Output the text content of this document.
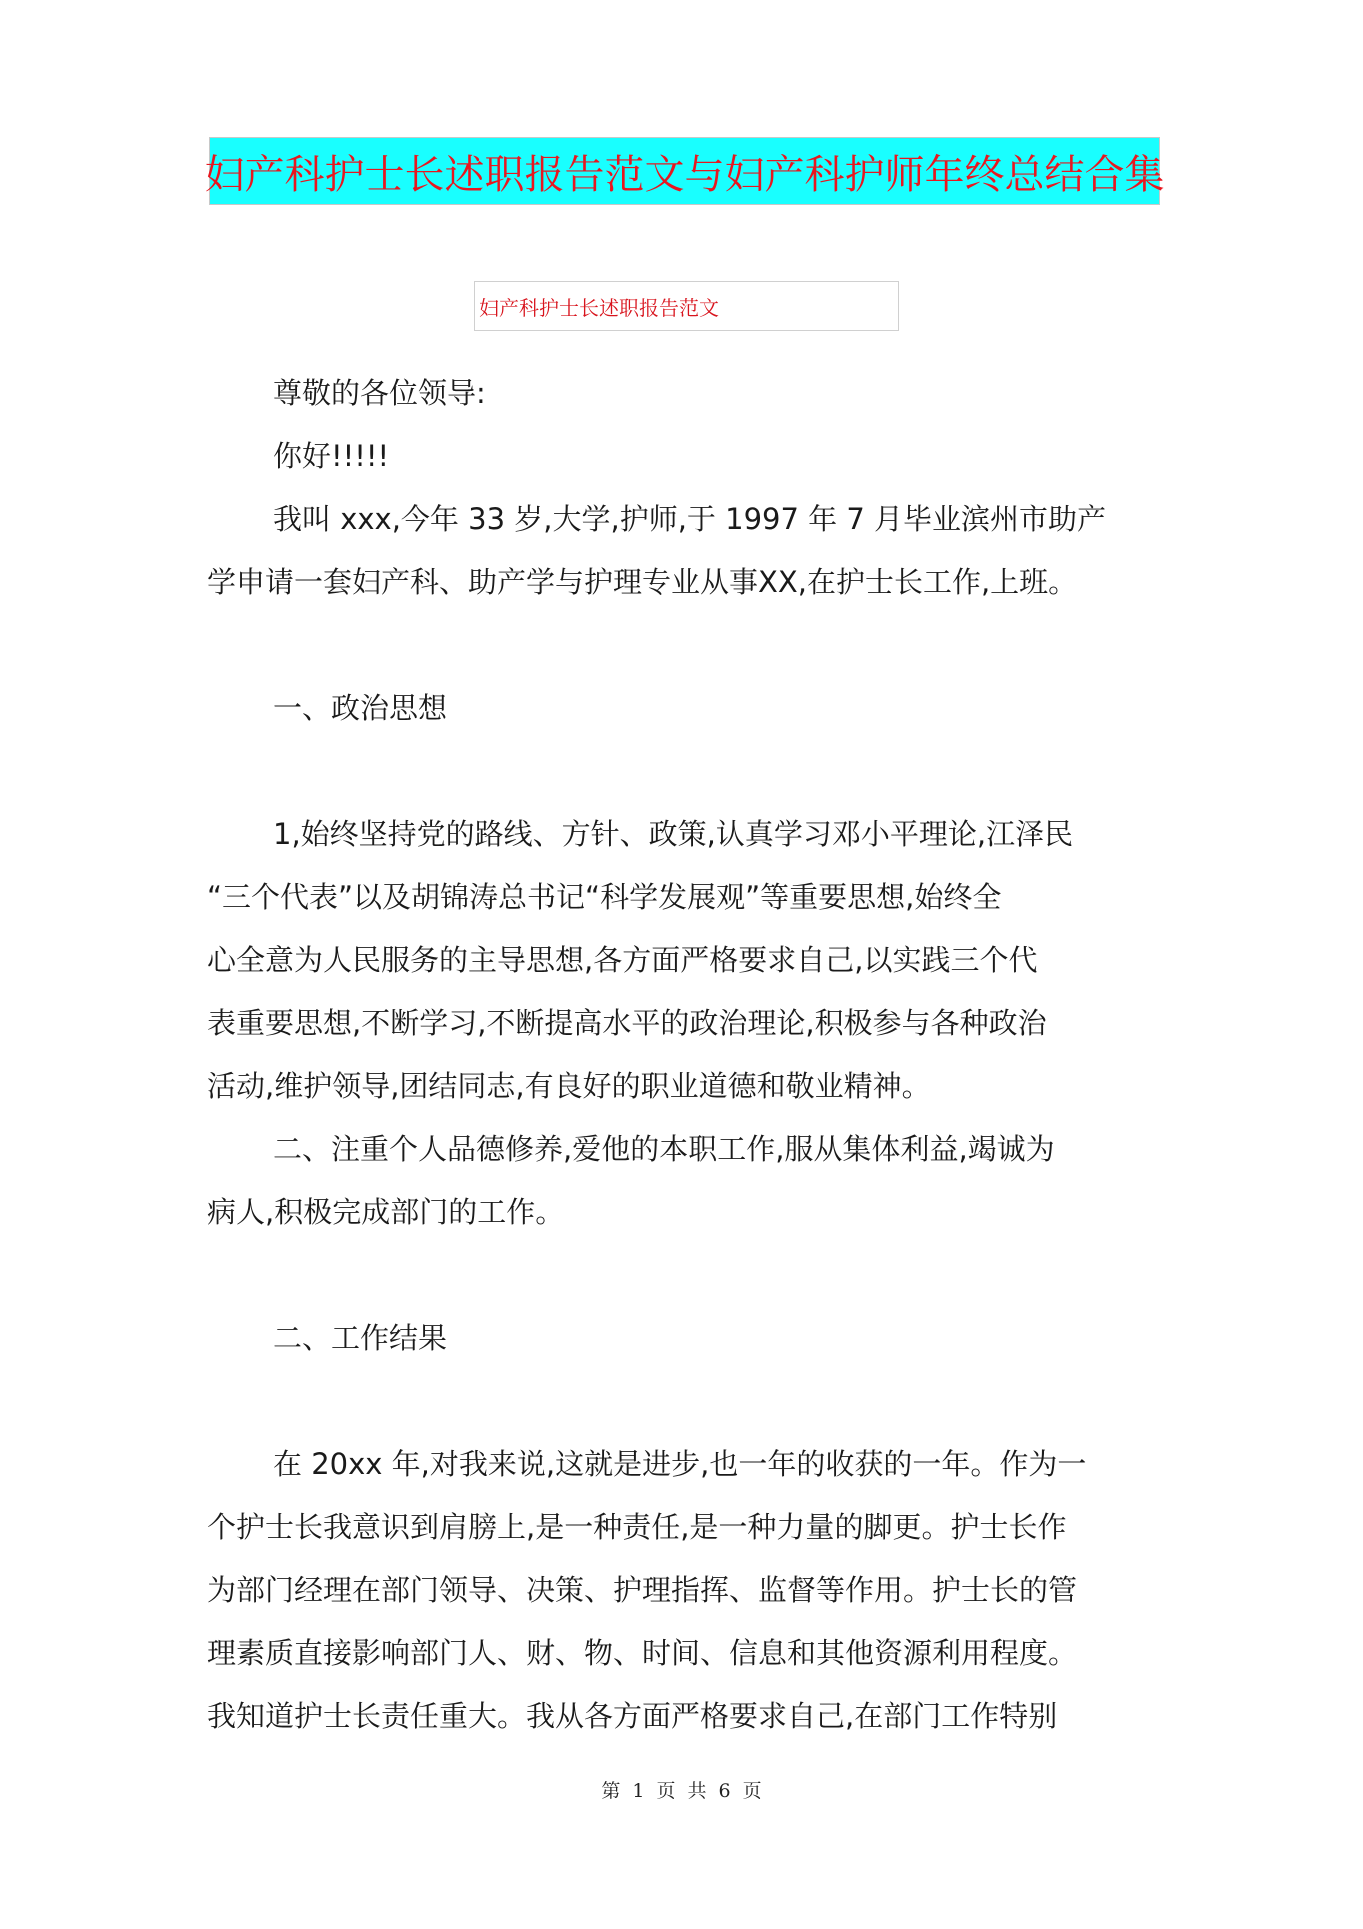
妇产科护士长述职报告范文与妇产科护师年终总结合集
妇产科护士长述职报告范文
尊敬的各位领导:
你好!!!!!
我叫 xxx,今年 33 岁,大学,护师,于 1997 年 7 月毕业滨州市助产
学申请一套妇产科、助产学与护理专业从事XX,在护士长工作,上班。
一、政治思想
1,始终坚持党的路线、方针、政策,认真学习邓小平理论,江泽民
“三个代表”以及胡锦涛总书记“科学发展观”等重要思想,始终全
心全意为人民服务的主导思想,各方面严格要求自己,以实践三个代
表重要思想,不断学习,不断提高水平的政治理论,积极参与各种政治
活动,维护领导,团结同志,有良好的职业道德和敬业精神。
二、注重个人品德修养,爱他的本职工作,服从集体利益,竭诚为
病人,积极完成部门的工作。
二、工作结果
在 20xx 年,对我来说,这就是进步,也一年的收获的一年。作为一
个护士长我意识到肩膀上,是一种责任,是一种力量的脚更。护士长作
为部门经理在部门领导、决策、护理指挥、监督等作用。护士长的管
理素质直接影响部门人、财、物、时间、信息和其他资源利用程度。
我知道护士长责任重大。我从各方面严格要求自己,在部门工作特别
第 1 页 共 6 页
